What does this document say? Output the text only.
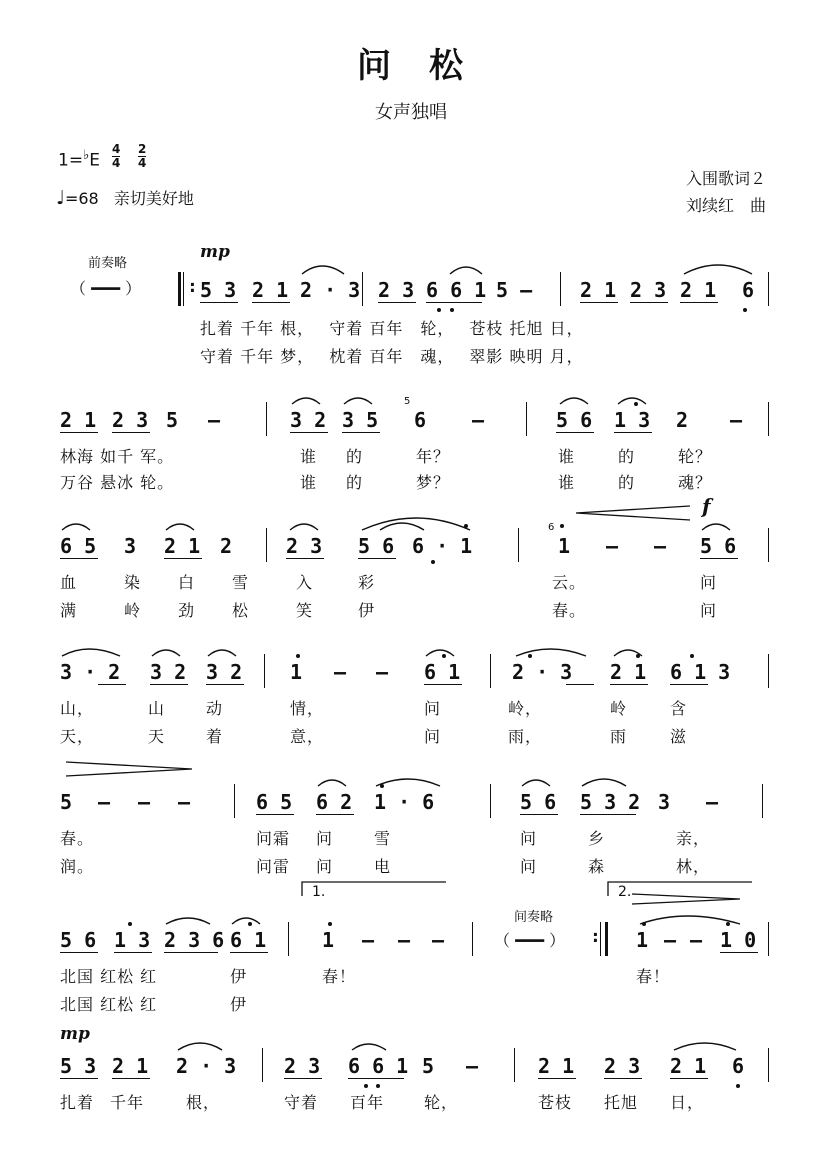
问　松
女声独唱
$1=^♭E \frac{4}{4} \frac{2}{4}$
♩=68 亲切美好地
入围歌词２
刘续红　曲
前奏略
（ ━━━ ）
mp
: 5 3 2 1 2 · 3 2 3 6 6 1 5 — 2 1 2 3 2 1 6
扎着 千年 根，　 守着 百年　轮，　 苍枝 托旭 日，
守着 千年 梦，　 枕着 百年　魂，　 翠影 映明 月，
2 1 2 3 5 —	3 2 3 5
5
6 —	5 6 1 3 2 —
林海 如千 军。	谁 的	年？	谁	的	轮？
万谷 悬冰 轮。	谁 的	梦？	谁	的	魂？
f
6 5 3 2 1 2	2 3 5 6 6 · 1
6
1 — — 5 6
血	染 白 雪	入	彩	云。	问
满	岭 劲 松	笑	伊	春。	问
3 · 2 3 2 3 2 1 — — 6 1	2 · 3 2 1 6 1 3
山，	山	动	情，	问	岭，	岭	含
天，	天	着	意，	问	雨，	雨	滋
5 — — —	6 5 6 2 1 · 6	5 6 5 3 2 3 —
春。	问霜 问	雪	问	乡	亲，
润。	问雷 问	电	问	森	林，
1.	2.
间奏略
（ ━━━ ）
5 6 1 3 2 3 6 6 1	1 — — —	: 1 — — 1 0
北国 红松 红	伊	春！	春！
北国 红松 红	伊
mp
5 3 2 1 2 · 3 2 3 6 6 1 5 —	2 1 2 3 2 1 6
扎着 千年	根，	守着 百年 轮，	苍枝 托旭 日，
